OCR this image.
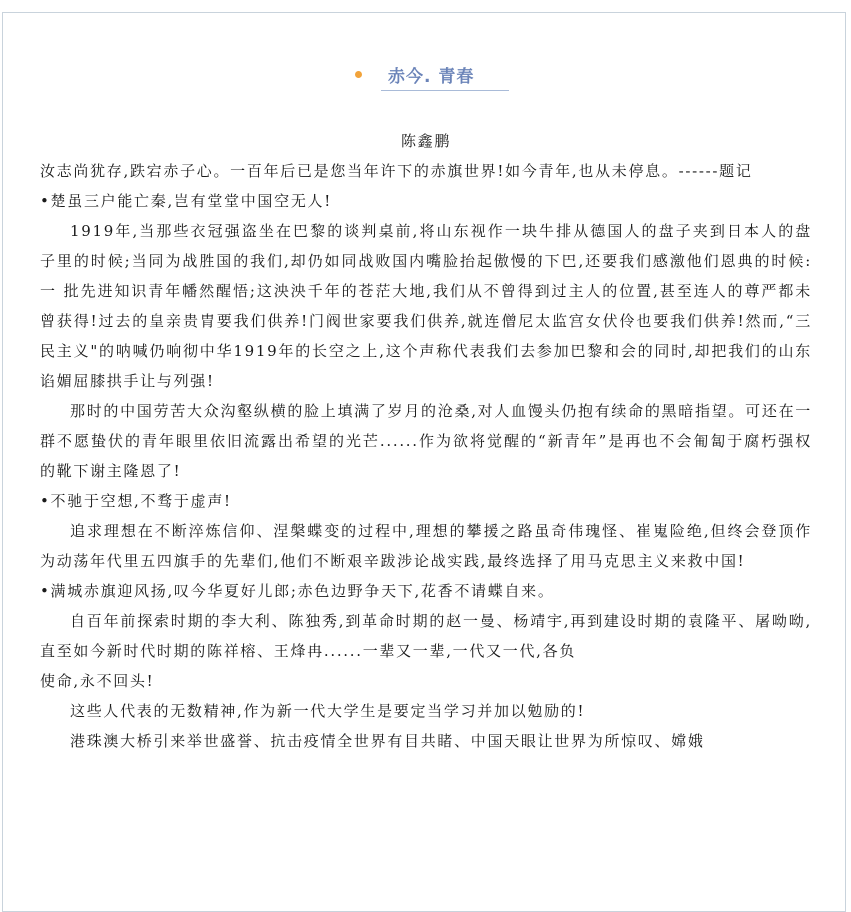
赤今. 青春

陈鑫鹏

汝志尚犹存,跌宕赤子心。一百年后已是您当年许下的赤旗世界!如今青年,也从未停息。------题记

•楚虽三户能亡秦,岂有堂堂中国空无人!

1919年,当那些衣冠强盗坐在巴黎的谈判桌前,将山东视作一块牛排从德国人的盘子夹到日本人的盘子里的时候;当同为战胜国的我们,却仍如同战败国内嘴脸抬起傲慢的下巴,还要我们感激他们恩典的时候:一 批先进知识青年幡然醒悟;这泱泱千年的苍茫大地,我们从不曾得到过主人的位置,甚至连人的尊严都未曾获得!过去的皇亲贵胄要我们供养!门阀世家要我们供养,就连僧尼太监宫女伏伶也要我们供养!然而,“三民主义"的呐喊仍响彻中华1919年的长空之上,这个声称代表我们去参加巴黎和会的同时,却把我们的山东谄媚屈膝拱手让与列强!

那时的中国劳苦大众沟壑纵横的脸上填满了岁月的沧桑,对人血馒头仍抱有续命的黑暗指望。可还在一群不愿蛰伏的青年眼里依旧流露出希望的光芒......作为欲将觉醒的“新青年”是再也不会匍匐于腐朽强权的靴下谢主隆恩了!

•不驰于空想,不骛于虚声!

追求理想在不断淬炼信仰、涅槃蝶变的过程中,理想的攀援之路虽奇伟瑰怪、崔嵬险绝,但终会登顶作为动荡年代里五四旗手的先辈们,他们不断艰辛跋涉论战实践,最终选择了用马克思主义来救中国!

•满城赤旗迎风扬,叹今华夏好儿郎;赤色边野争天下,花香不请蝶自来。

自百年前探索时期的李大利、陈独秀,到革命时期的赵一曼、杨靖宇,再到建设时期的袁隆平、屠呦呦,直至如今新时代时期的陈祥榕、王烽冉......一辈又一辈,一代又一代,各负

使命,永不回头!

这些人代表的无数精神,作为新一代大学生是要定当学习并加以勉励的!

港珠澳大桥引来举世盛誉、抗击疫情全世界有目共睹、中国天眼让世界为所惊叹、嫦娥
